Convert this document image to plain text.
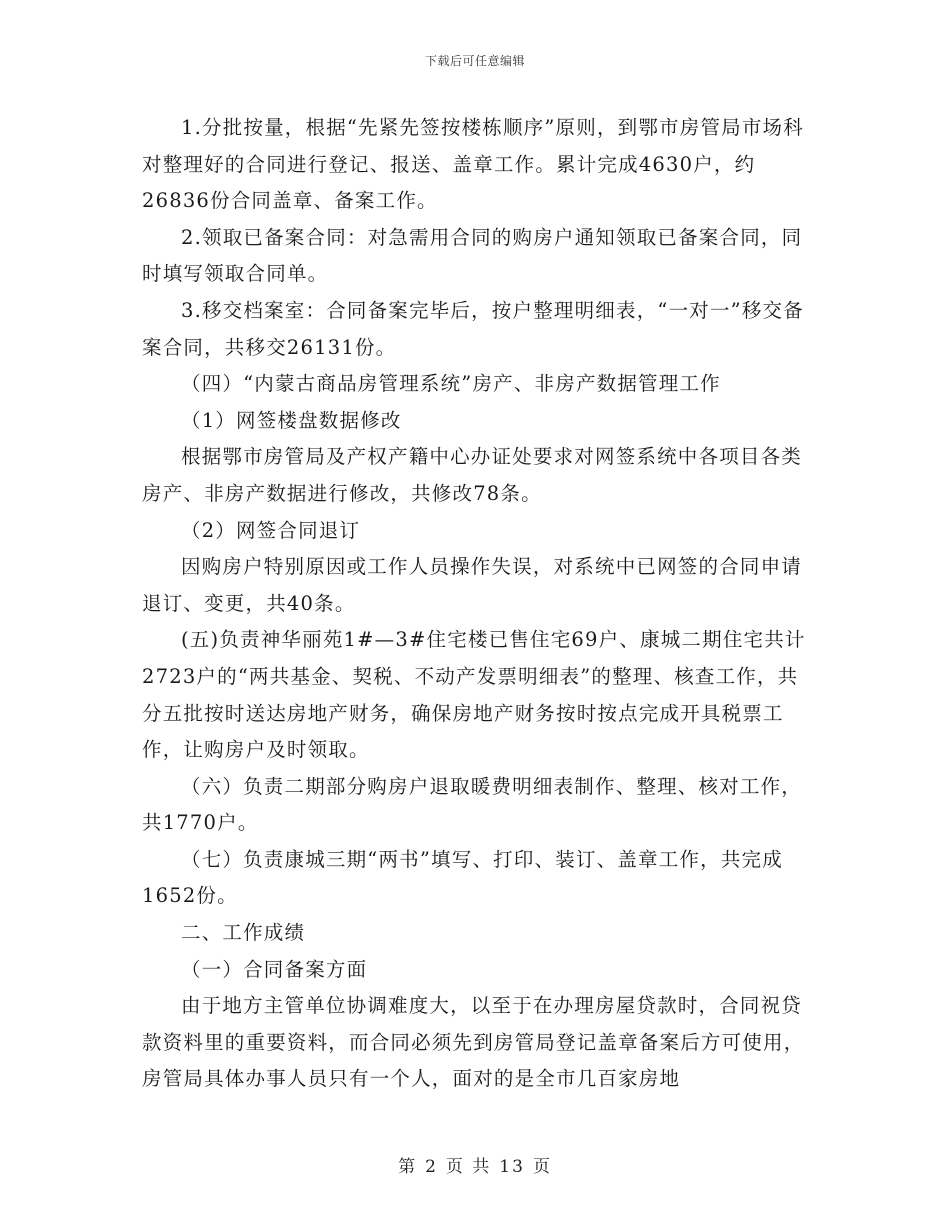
下载后可任意编辑

1.分批按量，根据“先紧先签按楼栋顺序”原则，到鄂市房管局市场科对整理好的合同进行登记、报送、盖章工作。累计完成4630户，约26836份合同盖章、备案工作。

2.领取已备案合同：对急需用合同的购房户通知领取已备案合同，同时填写领取合同单。

3.移交档案室：合同备案完毕后，按户整理明细表，“一对一”移交备案合同，共移交26131份。

（四）“内蒙古商品房管理系统”房产、非房产数据管理工作

（1）网签楼盘数据修改

根据鄂市房管局及产权产籍中心办证处要求对网签系统中各项目各类房产、非房产数据进行修改，共修改78条。

（2）网签合同退订

因购房户特别原因或工作人员操作失误，对系统中已网签的合同申请退订、变更，共40条。

(五)负责神华丽苑1#—3#住宅楼已售住宅69户、康城二期住宅共计2723户的“两共基金、契税、不动产发票明细表”的整理、核查工作，共分五批按时送达房地产财务，确保房地产财务按时按点完成开具税票工作，让购房户及时领取。

（六）负责二期部分购房户退取暖费明细表制作、整理、核对工作，共1770户。

（七）负责康城三期“两书”填写、打印、装订、盖章工作，共完成1652份。

二、工作成绩

（一）合同备案方面

由于地方主管单位协调难度大，以至于在办理房屋贷款时，合同祝贷款资料里的重要资料，而合同必须先到房管局登记盖章备案后方可使用，房管局具体办事人员只有一个人，面对的是全市几百家房地

第 2 页 共 13 页
